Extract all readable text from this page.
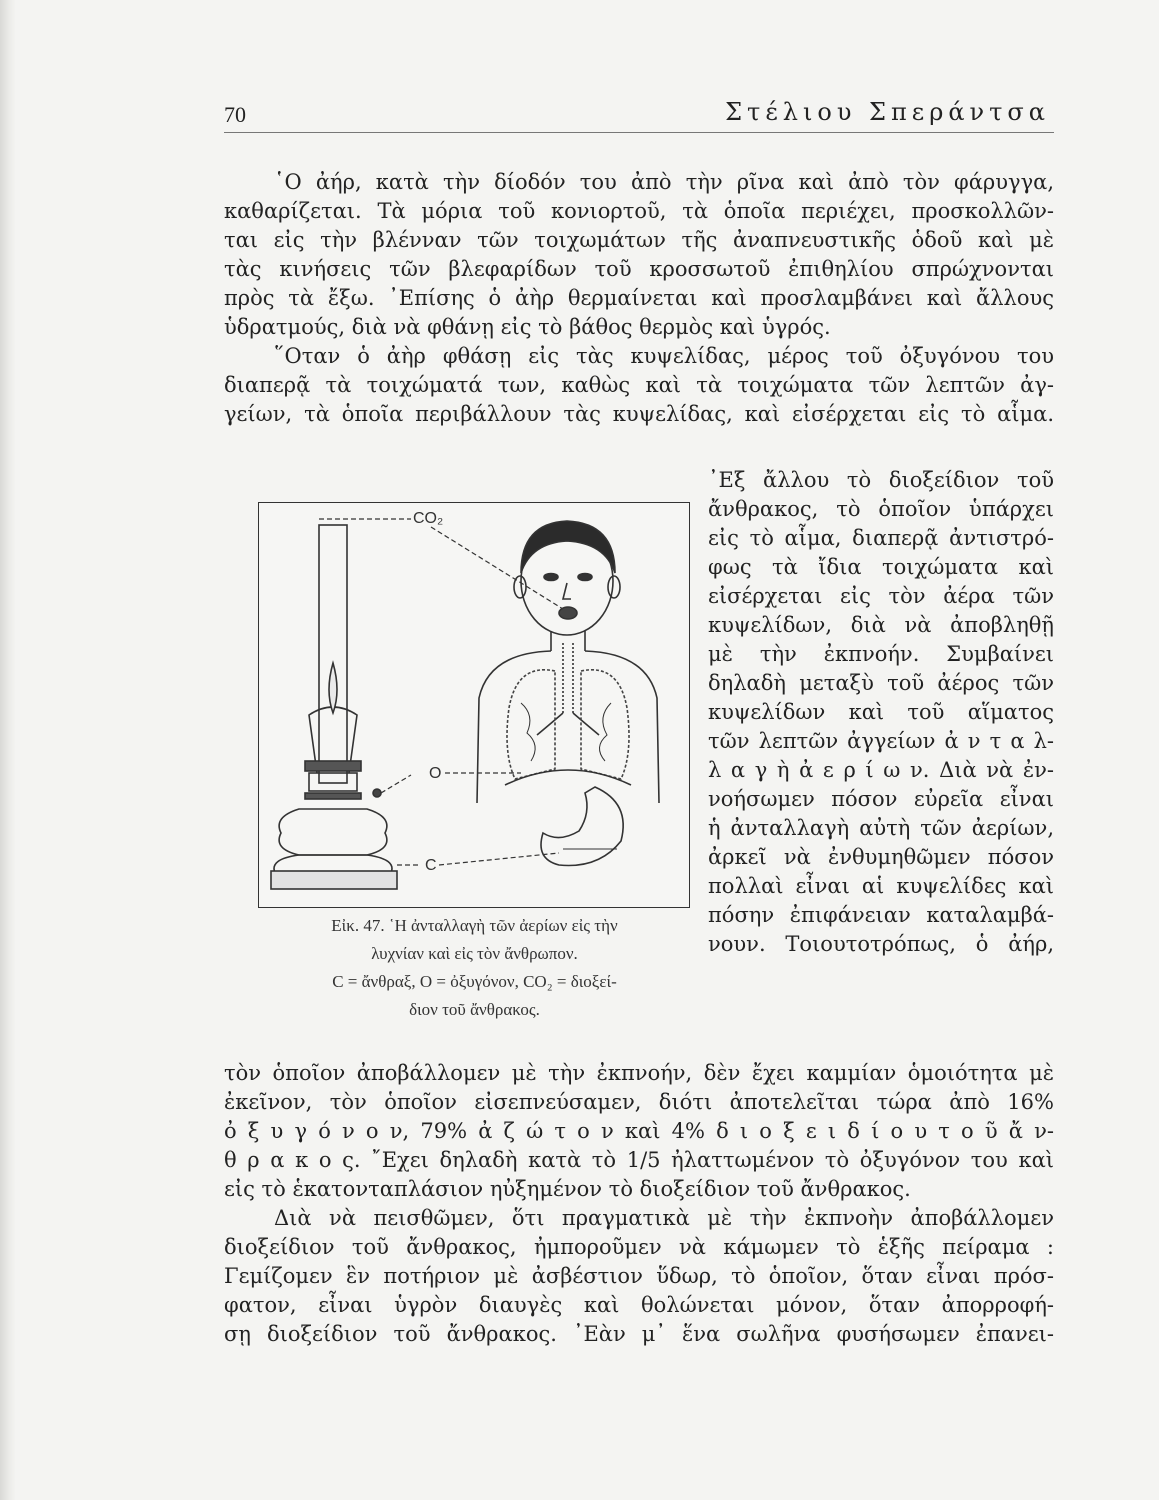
70	Στέλιου Σπεράντσα

῾Ο ἀήρ, κατὰ τὴν δίοδόν του ἀπὸ τὴν ρῖνα καὶ ἀπὸ τὸν φάρυγγα,

καθαρίζεται. Τὰ μόρια τοῦ κονιορτοῦ, τὰ ὁποῖα περιέχει, προσκολλῶν-

ται εἰς τὴν βλένναν τῶν τοιχωμάτων τῆς ἀναπνευστικῆς ὁδοῦ καὶ μὲ

τὰς κινήσεις τῶν βλεφαρίδων τοῦ κροσσωτοῦ ἐπιθηλίου σπρώχνονται

πρὸς τὰ ἔξω. ᾿Επίσης ὁ ἀὴρ θερμαίνεται καὶ προσλαμβάνει καὶ ἄλλους

ὑδρατμούς, διὰ νὰ φθάνῃ εἰς τὸ βάθος θερμὸς καὶ ὑγρός.

῞Οταν ὁ ἀὴρ φθάσῃ εἰς τὰς κυψελίδας, μέρος τοῦ ὀξυγόνου του

διαπερᾷ τὰ τοιχώματά των, καθὼς καὶ τὰ τοιχώματα τῶν λεπτῶν ἀγ-

γείων, τὰ ὁποῖα περιβάλλουν τὰς κυψελίδας, καὶ εἰσέρχεται εἰς τὸ αἷμα.

᾿Εξ ἄλλου τὸ διοξείδιον τοῦ

ἄνθρακος, τὸ ὁποῖον ὑπάρχει

εἰς τὸ αἷμα, διαπερᾷ ἀντιστρό-

φως τὰ ἴδια τοιχώματα καὶ

εἰσέρχεται εἰς τὸν ἀέρα τῶν

κυψελίδων, διὰ νὰ ἀποβληθῇ

μὲ τὴν ἐκπνοήν. Συμβαίνει

δηλαδὴ μεταξὺ τοῦ ἀέρος τῶν

κυψελίδων καὶ τοῦ αἵματος

τῶν λεπτῶν ἀγγείων ἀ ν τ α λ-

λ α γ ὴ ἀ ε ρ ί ω ν. Διὰ νὰ ἐν-

νοήσωμεν πόσον εὐρεῖα εἶναι

ἡ ἀνταλλαγὴ αὐτὴ τῶν ἀερίων,

ἀρκεῖ νὰ ἐνθυμηθῶμεν πόσον

πολλαὶ εἶναι αἱ κυψελίδες καὶ

πόσην ἐπιφάνειαν καταλαμβά-

νουν. Τοιουτοτρόπως, ὁ ἀήρ,

CO₂
O
C
Εἰκ. 47. ῾Η ἀνταλλαγὴ τῶν ἀερίων εἰς τὴν
λυχνίαν καὶ εἰς τὸν ἄνθρωπον.
C = ἄνθραξ, O = ὀξυγόνον, CO₂ = διοξεί-
διον τοῦ ἄνθρακος.

τὸν ὁποῖον ἀποβάλλομεν μὲ τὴν ἐκπνοήν, δὲν ἔχει καμμίαν ὁμοιότητα μὲ

ἐκεῖνον, τὸν ὁποῖον εἰσεπνεύσαμεν, διότι ἀποτελεῖται τώρα ἀπὸ 16%

ὀ ξ υ γ ό ν ο ν, 79% ἀ ζ ώ τ ο ν καὶ 4% δ ι ο ξ ε ι δ ί ο υ τ ο ῦ ἄ ν-

θ ρ α κ ο ς. ῎Εχει δηλαδὴ κατὰ τὸ 1/5 ἠλαττωμένον τὸ ὀξυγόνον του καὶ

εἰς τὸ ἑκατονταπλάσιον ηὐξημένον τὸ διοξείδιον τοῦ ἄνθρακος.

Διὰ νὰ πεισθῶμεν, ὅτι πραγματικὰ μὲ τὴν ἐκπνοὴν ἀποβάλλομεν

διοξείδιον τοῦ ἄνθρακος, ἠμποροῦμεν νὰ κάμωμεν τὸ ἑξῆς πείραμα :

Γεμίζομεν ἓν ποτήριον μὲ ἀσβέστιον ὕδωρ, τὸ ὁποῖον, ὅταν εἶναι πρόσ-

φατον, εἶναι ὑγρὸν διαυγὲς καὶ θολώνεται μόνον, ὅταν ἀπορροφή-

σῃ διοξείδιον τοῦ ἄνθρακος. ᾿Εὰν μ᾿ ἕνα σωλῆνα φυσήσωμεν ἐπανει-
